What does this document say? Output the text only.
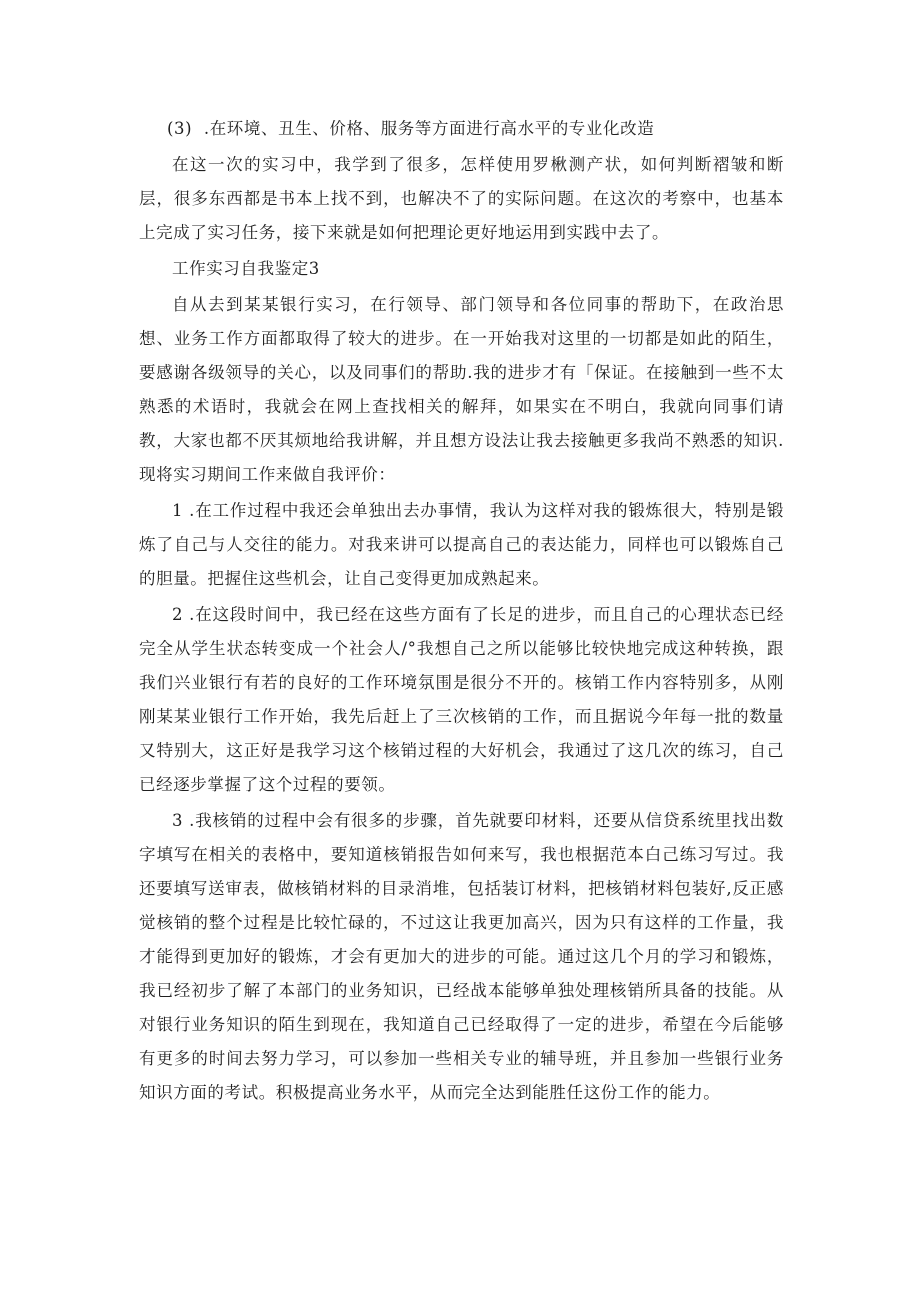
(3)  .在环境、丑生、价格、服务等方面进行高水平的专业化改造

在这一次的实习中，我学到了很多，怎样使用罗楸测产状，如何判断褶皱和断层，很多东西都是书本上找不到，也解决不了的实际问题。在这次的考察中，也基本上完成了实习任务，接下来就是如何把理论更好地运用到实践中去了。

工作实习自我鉴定3

自从去到某某银行实习，在行领导、部门领导和各位同事的帮助下，在政治思想、业务工作方面都取得了较大的进步。在一开始我对这里的一切都是如此的陌生，要感谢各级领导的关心，以及同事们的帮助.我的进步才有「保证。在接触到一些不太熟悉的术语时，我就会在网上查找相关的解拜，如果实在不明白，我就向同事们请教，大家也都不厌其烦地给我讲解，并且想方设法让我去接触更多我尚不熟悉的知识.现将实习期间工作来做自我评价：

1 .在工作过程中我还会单独出去办事情，我认为这样对我的锻炼很大，特别是锻炼了自己与人交往的能力。对我来讲可以提高自己的表达能力，同样也可以锻炼自己的胆量。把握住这些机会，让自己变得更加成熟起来。

2 .在这段时间中，我已经在这些方面有了长足的进步，而且自己的心理状态已经完全从学生状态转变成一个社会人/°我想自己之所以能够比较快地完成这种转换，跟我们兴业银行有若的良好的工作环境氛围是很分不开的。核销工作内容特别多，从刚刚某某业银行工作开始，我先后赶上了三次核销的工作，而且据说今年每一批的数量又特别大，这正好是我学习这个核销过程的大好机会，我通过了这几次的练习，自己已经逐步掌握了这个过程的要领。

3 .我核销的过程中会有很多的步骤，首先就要印材料，还要从信贷系统里找出数字填写在相关的表格中，要知道核销报告如何来写，我也根据范本白己练习写过。我还要填写送审表，做核销材料的目录消堆，包括装订材料，把核销材料包装好,反正感觉核销的整个过程是比较忙碌的，不过这让我更加高兴，因为只有这样的工作量，我才能得到更加好的锻炼，才会有更加大的进步的可能。通过这几个月的学习和锻炼，我已经初步了解了本部门的业务知识，已经战本能够单独处理核销所具备的技能。从对银行业务知识的陌生到现在，我知道自己已经取得了一定的进步，希望在今后能够有更多的时间去努力学习，可以参加一些相关专业的辅导班，并且参加一些银行业务知识方面的考试。积极提高业务水平，从而完全达到能胜任这份工作的能力。
